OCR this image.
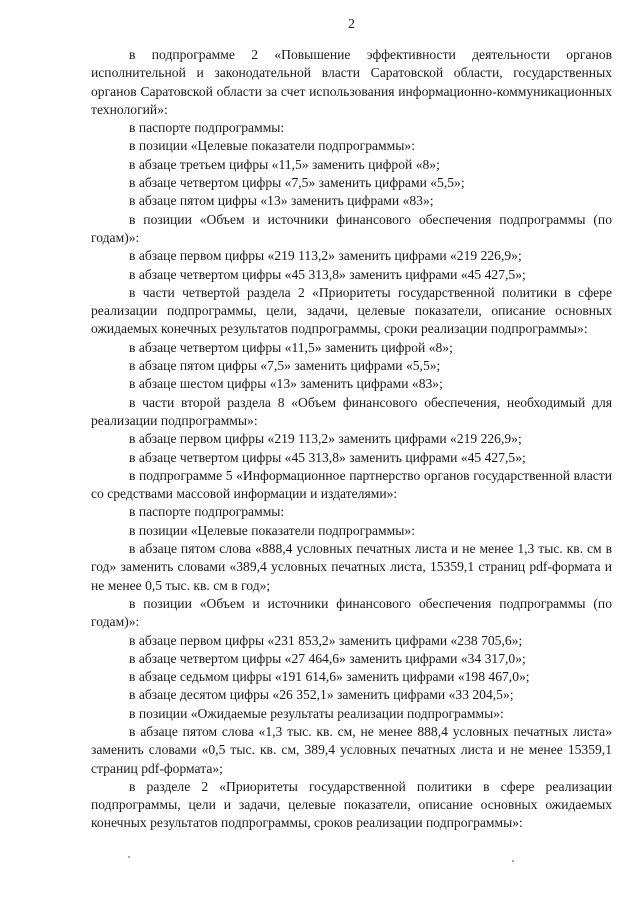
2

в подпрограмме 2 «Повышение эффективности деятельности органов исполнительной и законодательной власти Саратовской области, государственных органов Саратовской области за счет использования информационно-коммуникационных технологий»:

в паспорте подпрограммы:

в позиции «Целевые показатели подпрограммы»:

в абзаце третьем цифры «11,5» заменить цифрой «8»;

в абзаце четвертом цифры «7,5» заменить цифрами «5,5»;

в абзаце пятом цифры «13» заменить цифрами «83»;

в позиции «Объем и источники финансового обеспечения подпрограммы (по годам)»:

в абзаце первом цифры «219 113,2» заменить цифрами «219 226,9»;

в абзаце четвертом цифры «45 313,8» заменить цифрами «45 427,5»;

в части четвертой раздела 2 «Приоритеты государственной политики в сфере реализации подпрограммы, цели, задачи, целевые показатели, описание основных ожидаемых конечных результатов подпрограммы, сроки реализации подпрограммы»:

в абзаце четвертом цифры «11,5» заменить цифрой «8»;

в абзаце пятом цифры «7,5» заменить цифрами «5,5»;

в абзаце шестом цифры «13» заменить цифрами «83»;

в части второй раздела 8 «Объем финансового обеспечения, необходимый для реализации подпрограммы»:

в абзаце первом цифры «219 113,2» заменить цифрами «219 226,9»;

в абзаце четвертом цифры «45 313,8» заменить цифрами «45 427,5»;

в подпрограмме 5 «Информационное партнерство органов государственной власти со средствами массовой информации и издателями»:

в паспорте подпрограммы:

в позиции «Целевые показатели подпрограммы»:

в абзаце пятом слова «888,4 условных печатных листа и не менее 1,3 тыс. кв. см в год» заменить словами «389,4 условных печатных листа, 15359,1 страниц pdf-формата и не менее 0,5 тыс. кв. см в год»;

в позиции «Объем и источники финансового обеспечения подпрограммы (по годам)»:

в абзаце первом цифры «231 853,2» заменить цифрами «238 705,6»;

в абзаце четвертом цифры «27 464,6» заменить цифрами «34 317,0»;

в абзаце седьмом цифры «191 614,6» заменить цифрами «198 467,0»;

в абзаце десятом цифры «26 352,1» заменить цифрами «33 204,5»;

в позиции «Ожидаемые результаты реализации подпрограммы»:

в абзаце пятом слова «1,3 тыс. кв. см, не менее 888,4 условных печатных листа» заменить словами «0,5 тыс. кв. см, 389,4 условных печатных листа и не менее 15359,1 страниц pdf-формата»;

в разделе 2 «Приоритеты государственной политики в сфере реализации подпрограммы, цели и задачи, целевые показатели, описание основных ожидаемых конечных результатов подпрограммы, сроков реализации подпрограммы»:
